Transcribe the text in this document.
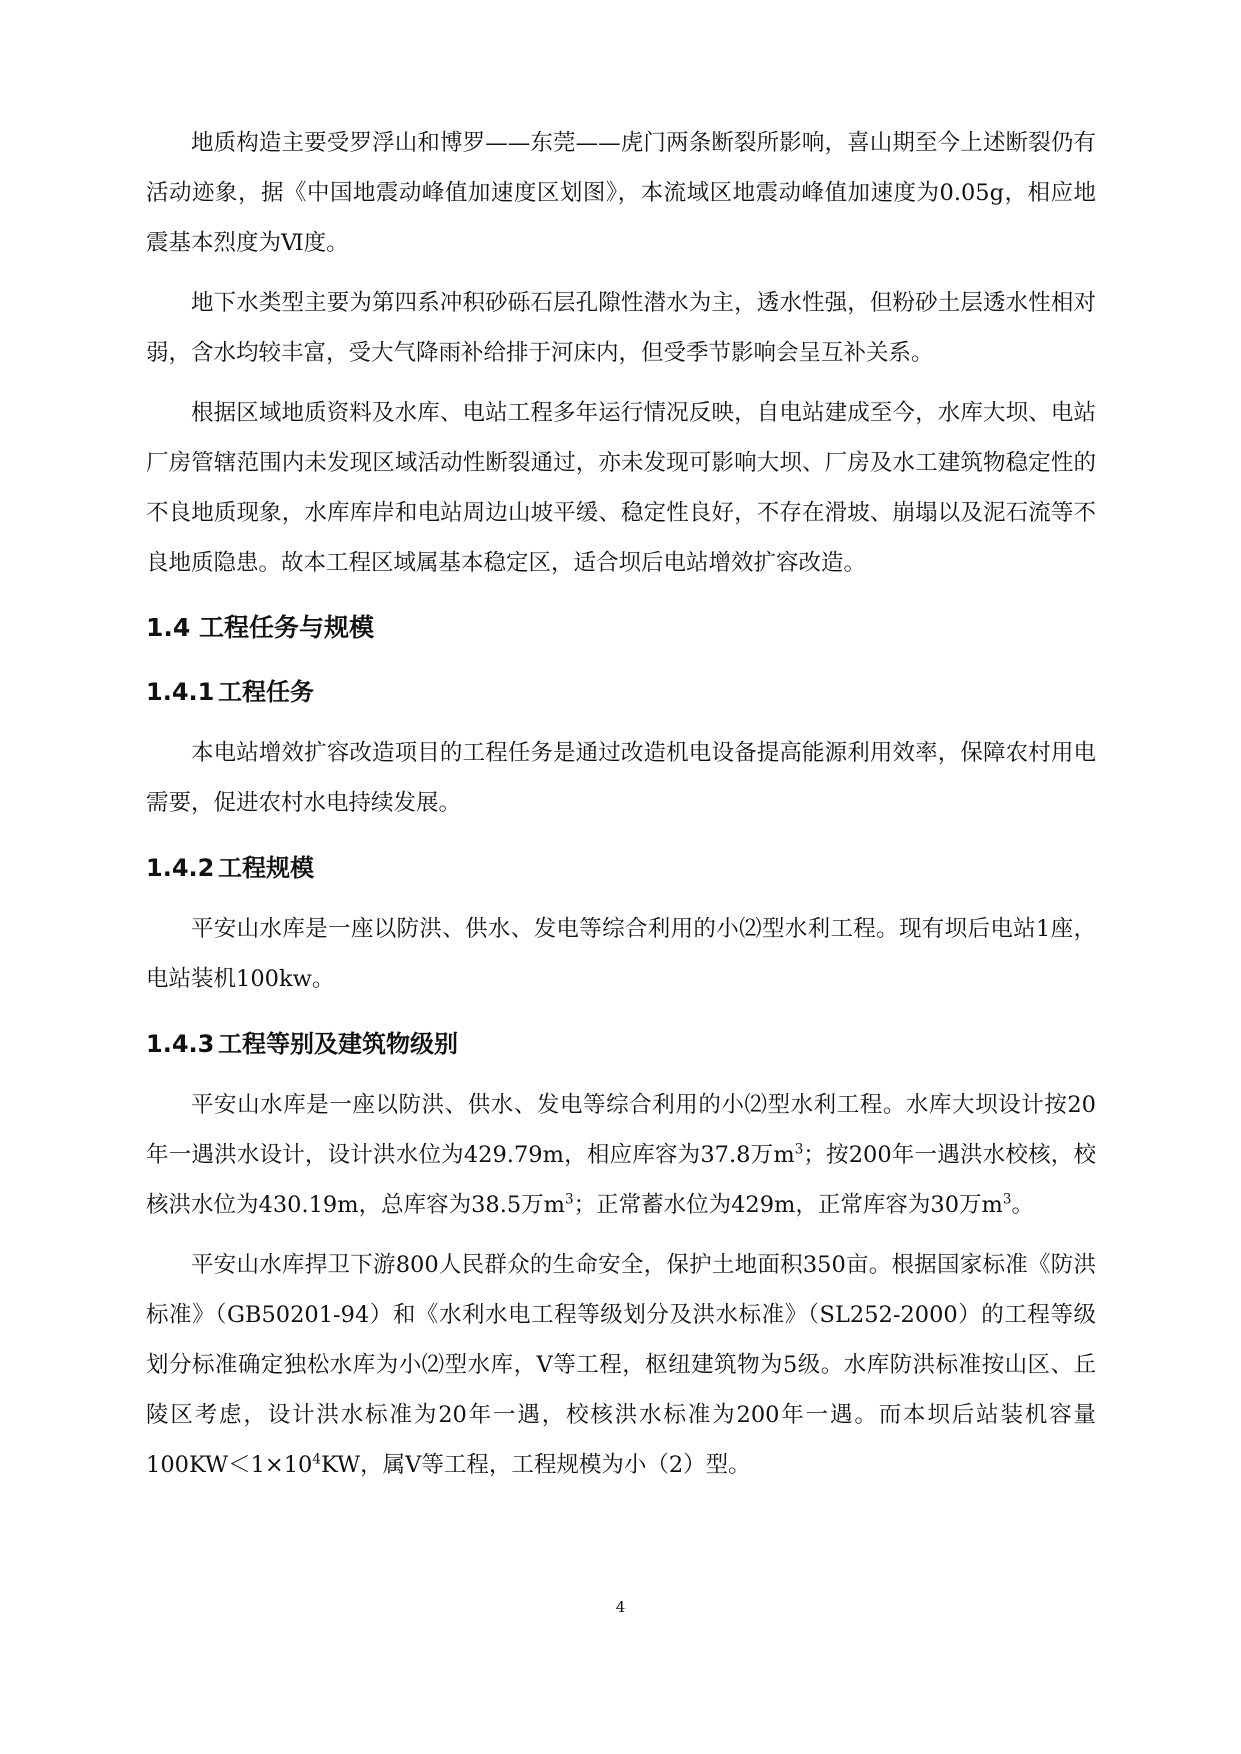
地质构造主要受罗浮山和博罗——东莞——虎门两条断裂所影响，喜山期至今上述断裂仍有活动迹象，据《中国地震动峰值加速度区划图》，本流域区地震动峰值加速度为0.05g，相应地震基本烈度为Ⅵ度。

地下水类型主要为第四系冲积砂砾石层孔隙性潜水为主，透水性强，但粉砂土层透水性相对弱，含水均较丰富，受大气降雨补给排于河床内，但受季节影响会呈互补关系。

根据区域地质资料及水库、电站工程多年运行情况反映，自电站建成至今，水库大坝、电站厂房管辖范围内未发现区域活动性断裂通过，亦未发现可影响大坝、厂房及水工建筑物稳定性的不良地质现象，水库库岸和电站周边山坡平缓、稳定性良好，不存在滑坡、崩塌以及泥石流等不良地质隐患。故本工程区域属基本稳定区，适合坝后电站增效扩容改造。

1.4 工程任务与规模
1.4.1 工程任务

本电站增效扩容改造项目的工程任务是通过改造机电设备提高能源利用效率，保障农村用电需要，促进农村水电持续发展。

1.4.2 工程规模

平安山水库是一座以防洪、供水、发电等综合利用的小⑵型水利工程。现有坝后电站1座，电站装机100kw。

1.4.3 工程等别及建筑物级别

平安山水库是一座以防洪、供水、发电等综合利用的小⑵型水利工程。水库大坝设计按20年一遇洪水设计，设计洪水位为429.79m，相应库容为37.8万$m^3$；按200年一遇洪水校核，校核洪水位为430.19m，总库容为38.5万$m^3$；正常蓄水位为429m，正常库容为30万$m^3$。

平安山水库捍卫下游800人民群众的生命安全，保护土地面积350亩。根据国家标准《防洪标准》（GB50201-94）和《水利水电工程等级划分及洪水标准》（SL252-2000）的工程等级划分标准确定独松水库为小⑵型水库，Ⅴ等工程，枢纽建筑物为5级。水库防洪标准按山区、丘陵区考虑，设计洪水标准为20年一遇，校核洪水标准为200年一遇。而本坝后站装机容量$100KW<1\times 10^4KW$，属Ⅴ等工程，工程规模为小（2）型。

4
